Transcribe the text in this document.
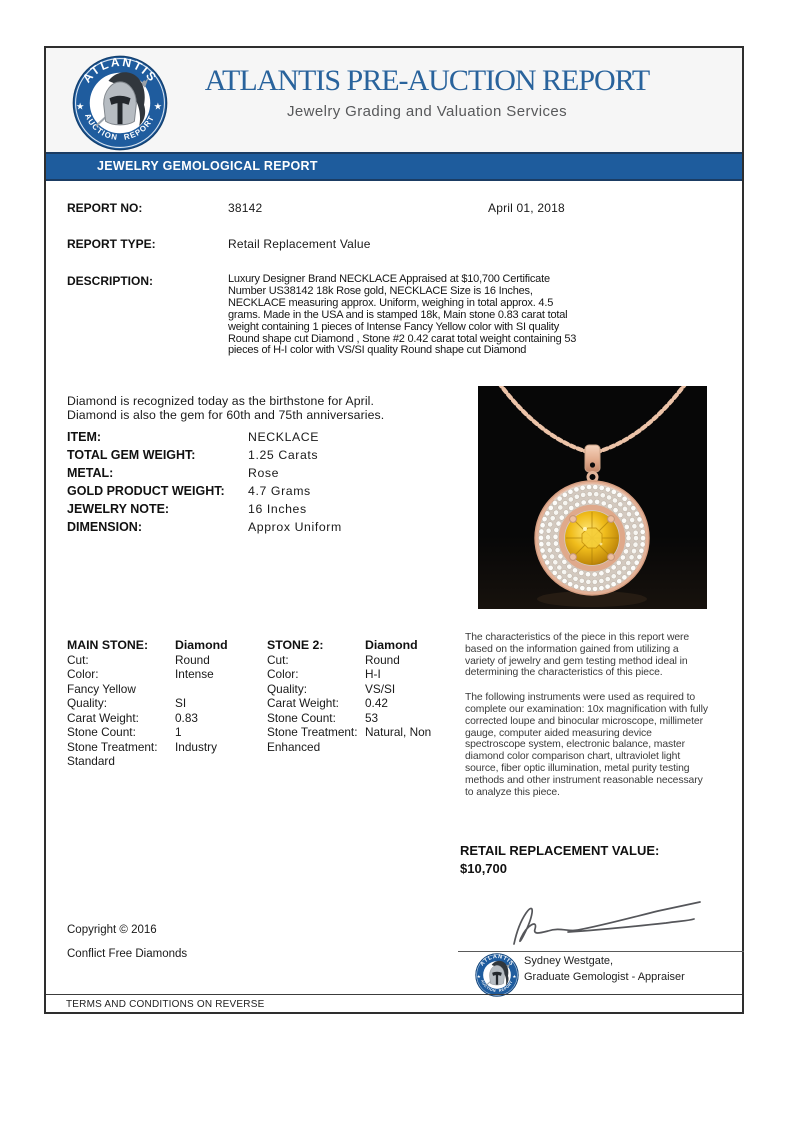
ATLANTIS PRE-AUCTION REPORT
Jewelry Grading and Valuation Services
JEWELRY GEMOLOGICAL REPORT
REPORT NO:	38142	April 01, 2018
REPORT TYPE:	Retail Replacement Value
DESCRIPTION:	Luxury Designer Brand NECKLACE Appraised at $10,700 Certificate Number US38142 18k Rose gold, NECKLACE Size is 16 Inches, NECKLACE measuring approx. Uniform, weighing in total approx. 4.5 grams. Made in the USA and is stamped 18k, Main stone 0.83 carat total weight containing 1 pieces of Intense Fancy Yellow color with SI quality Round shape cut Diamond , Stone #2 0.42 carat total weight containing 53 pieces of H-I color with VS/SI quality Round shape cut Diamond
Diamond is recognized today as the birthstone for April.
Diamond is also the gem for 60th and 75th anniversaries.
ITEM:	NECKLACE
TOTAL GEM WEIGHT:	1.25 Carats
METAL:	Rose
GOLD PRODUCT WEIGHT: 4.7 Grams
JEWELRY NOTE:	16 Inches
DIMENSION:	Approx Uniform
MAIN STONE: Diamond
Cut:	Round
Color:	Intense Fancy Yellow
Quality:	SI
Carat Weight:	0.83
Stone Count:	1
Stone Treatment: Industry Standard
STONE 2:	Diamond
Cut:	Round
Color:	H-I
Quality:	VS/SI
Carat Weight: 0.42
Stone Count: 53
Stone Treatment: Natural, Non Enhanced

The characteristics of the piece in this report were based on the information gained from utilizing a variety of jewelry and gem testing method ideal in determining the characteristics of this piece.

The following instruments were used as required to complete our examination: 10x magnification with fully corrected loupe and binocular microscope, millimeter gauge, computer aided measuring device spectroscope system, electronic balance, master diamond color comparison chart, ultraviolet light source, fiber optic illumination, metal purity testing methods and other instrument reasonable necessary to analyze this piece.

RETAIL REPLACEMENT VALUE:
$10,700
Copyright © 2016
Conflict Free Diamonds
Sydney Westgate,
Graduate Gemologist - Appraiser
TERMS AND CONDITIONS ON REVERSE
